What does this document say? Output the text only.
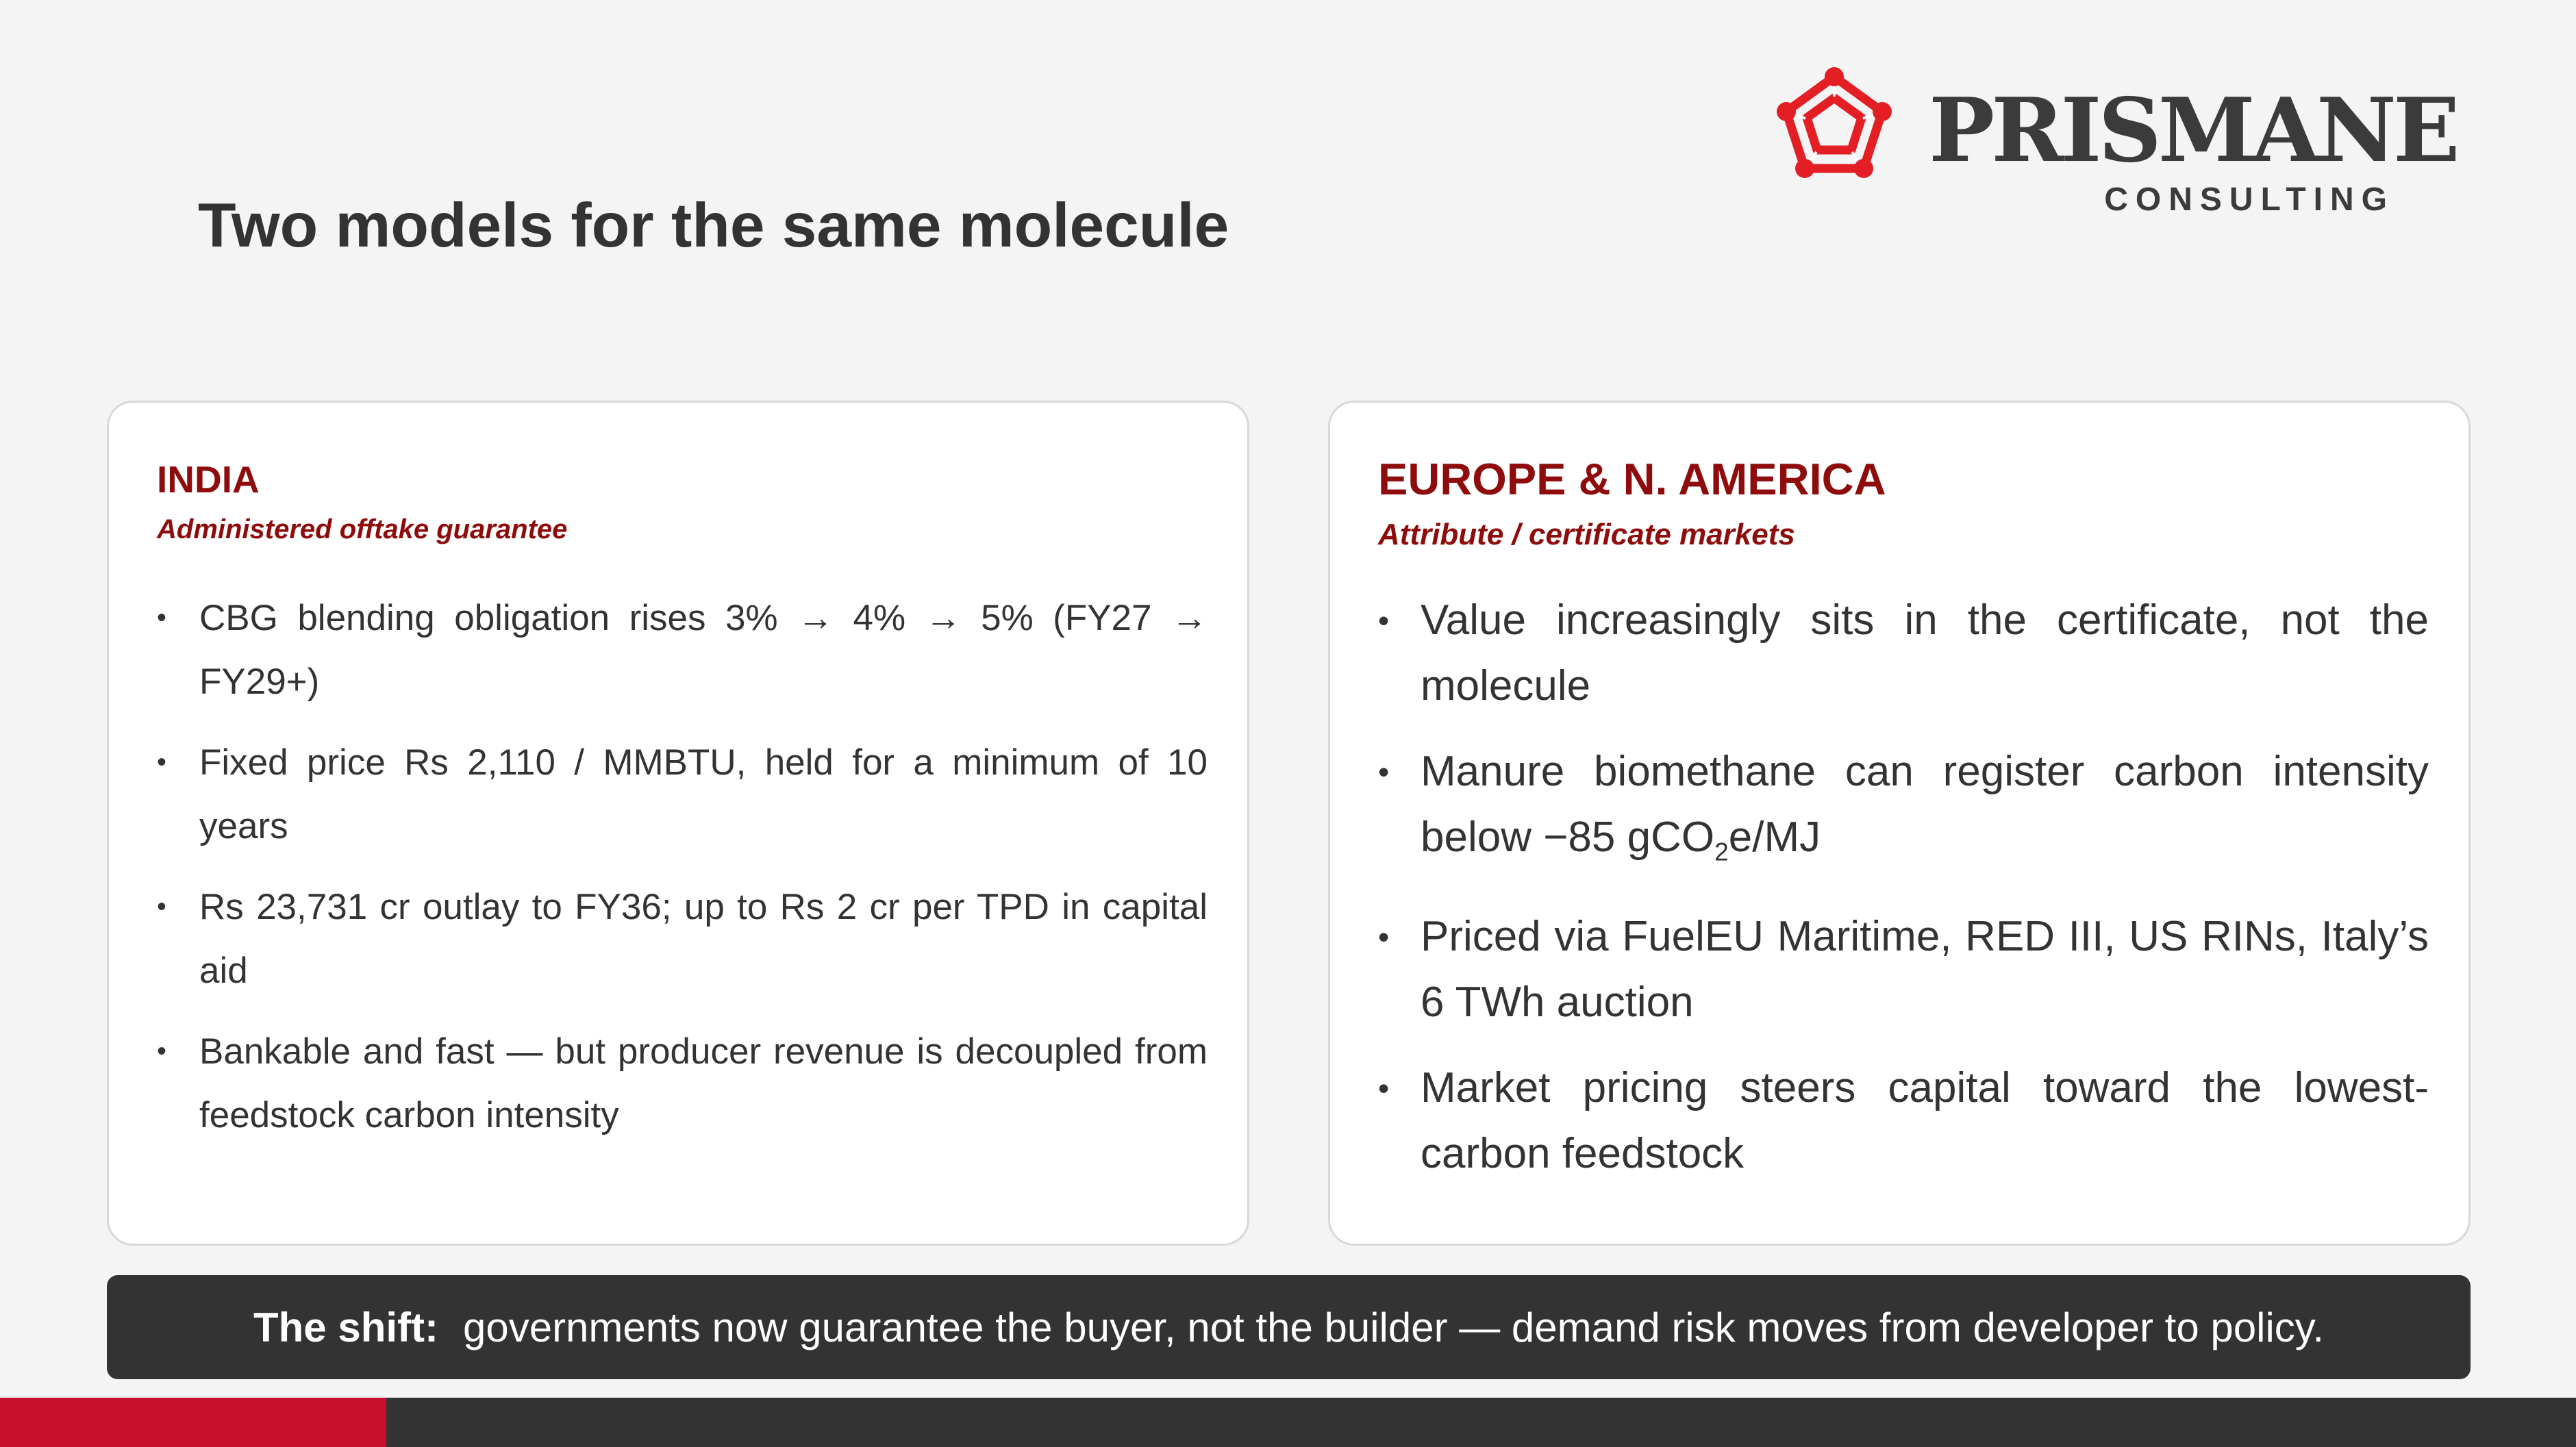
Two models for the same molecule
PRISMANE
CONSULTING
INDIA
Administered offtake guarantee
• CBG blending obligation rises 3% → 4% → 5% (FY27 → FY29+)
• Fixed price Rs 2,110 / MMBTU, held for a minimum of 10 years
• Rs 23,731 cr outlay to FY36; up to Rs 2 cr per TPD in capital aid
• Bankable and fast — but producer revenue is decoupled from feedstock carbon intensity
EUROPE & N. AMERICA
Attribute / certificate markets
• Value increasingly sits in the certificate, not the molecule
• Manure biomethane can register carbon intensity below −85 gCO$_2$e/MJ
• Priced via FuelEU Maritime, RED III, US RINs, Italy’s 6 TWh auction
• Market pricing steers capital toward the lowest-carbon feedstock
The shift: governments now guarantee the buyer, not the builder — demand risk moves from developer to policy.
